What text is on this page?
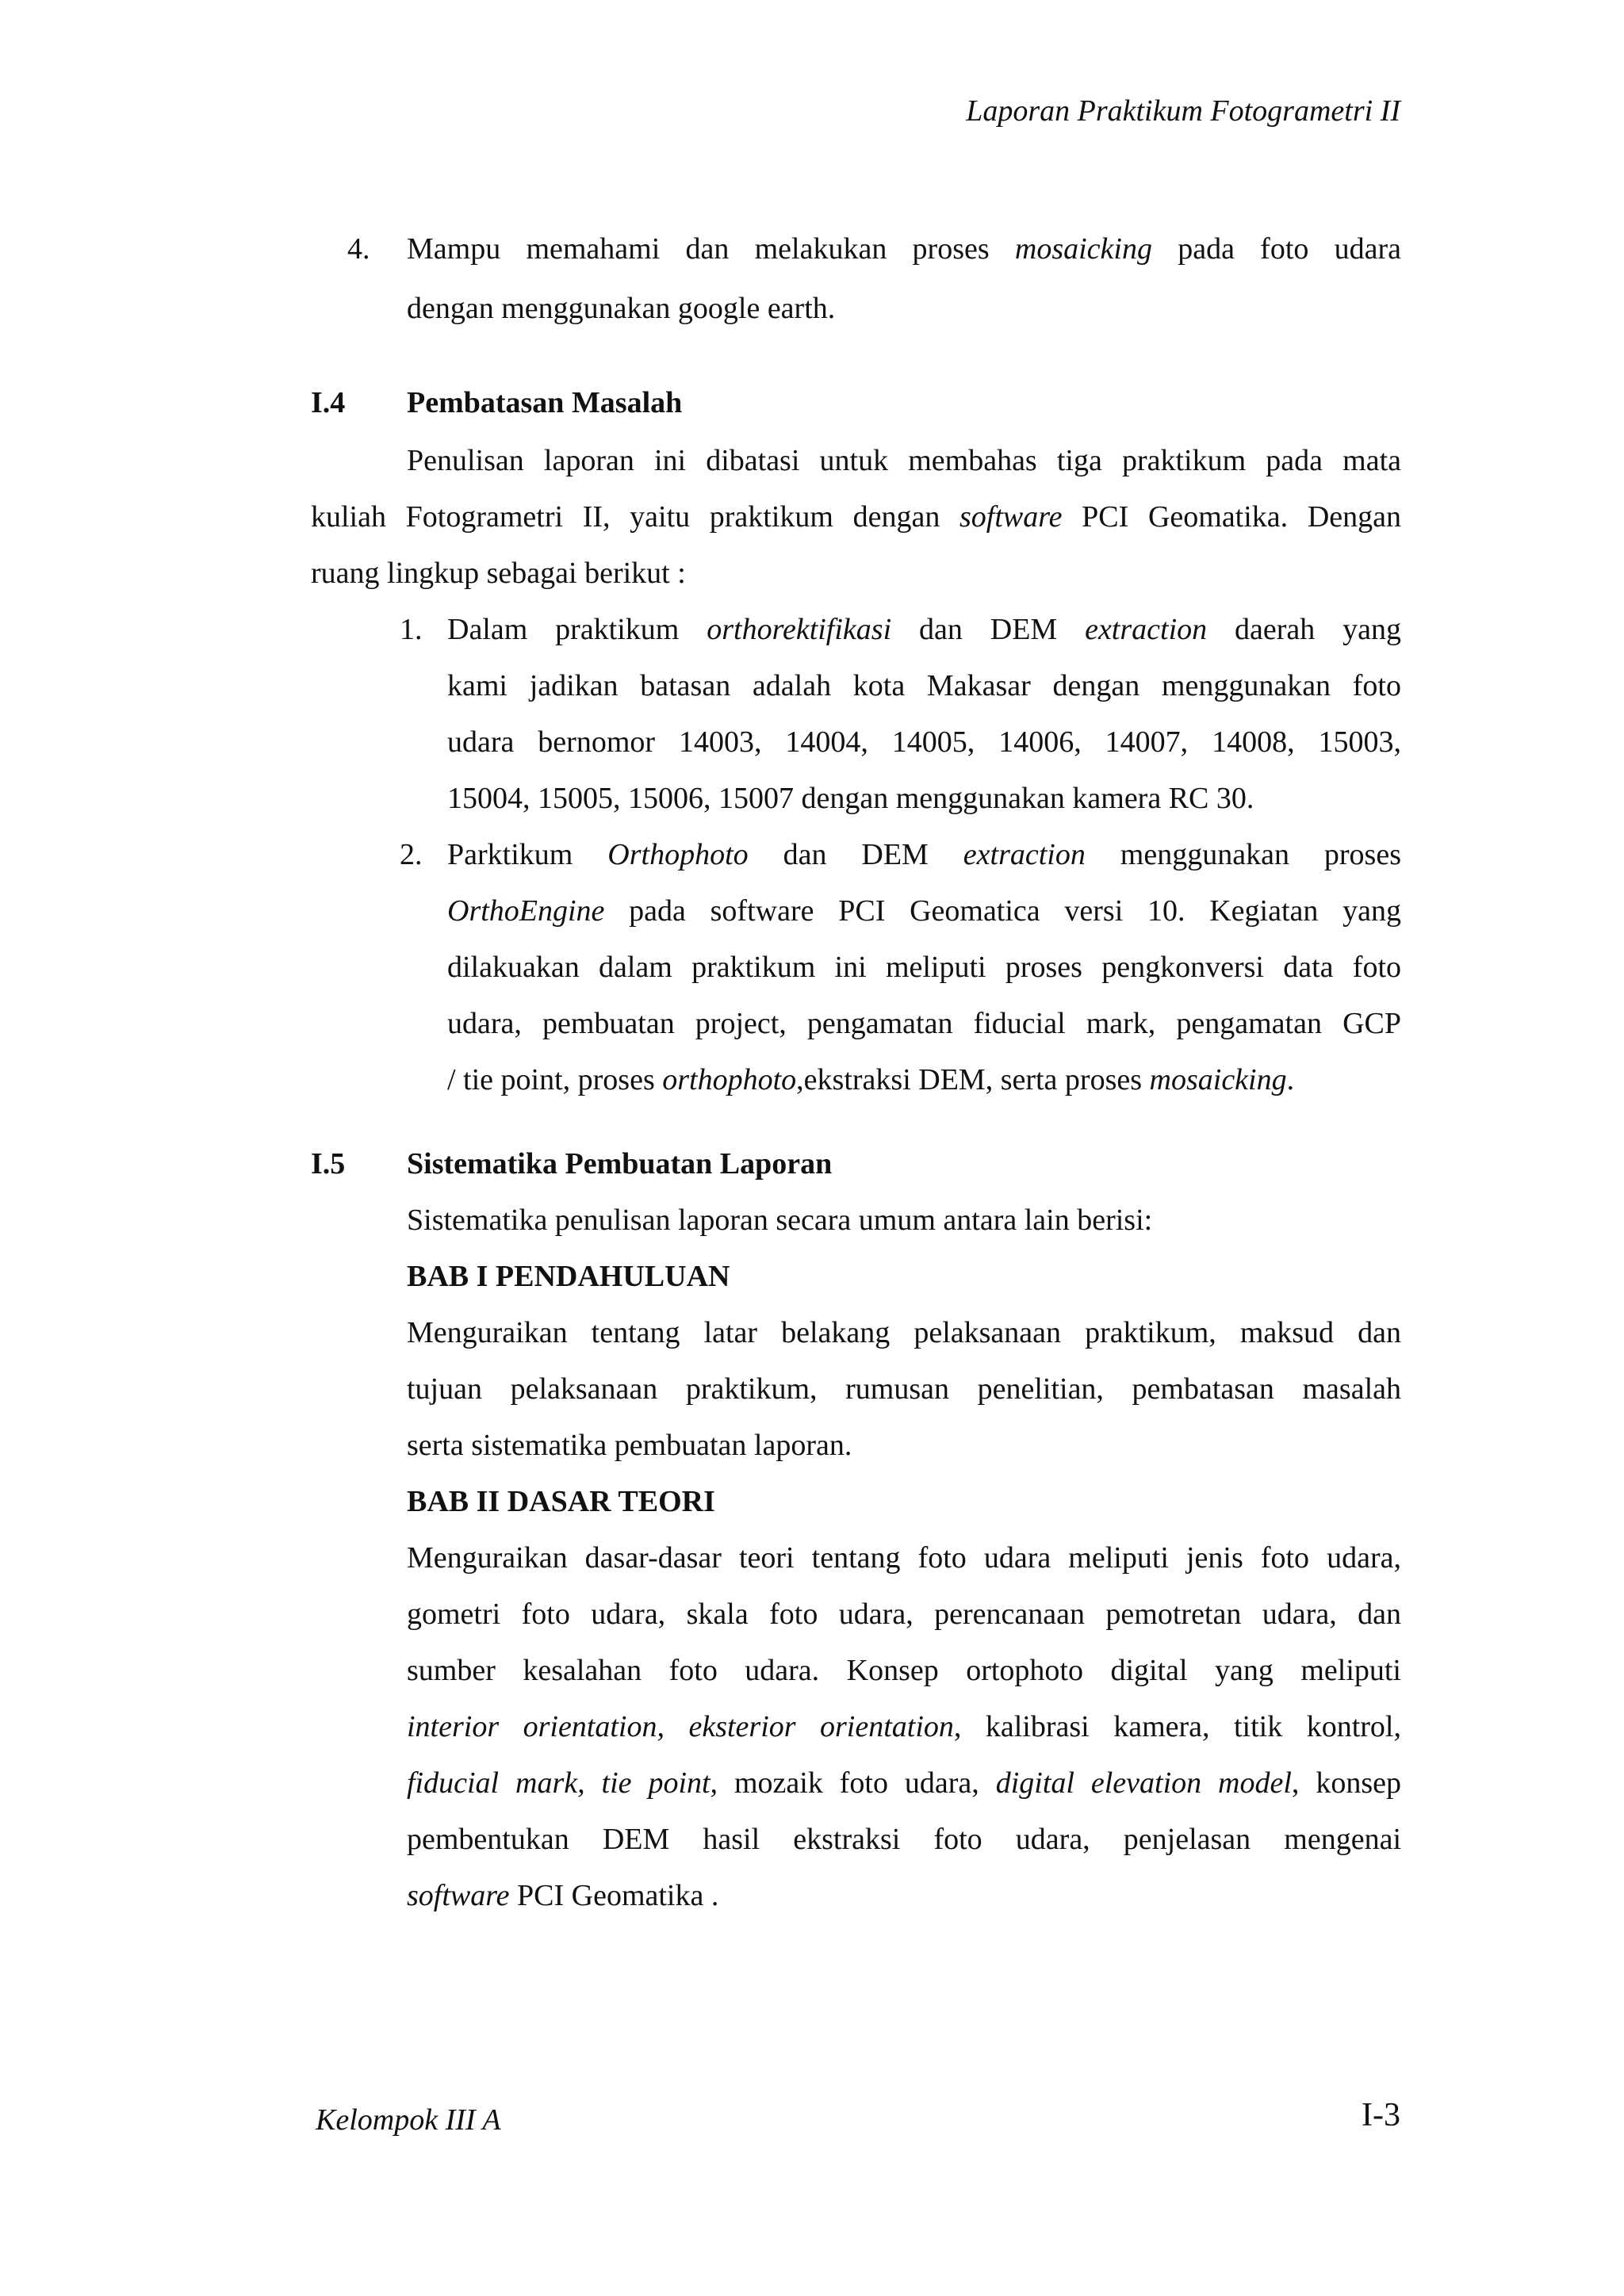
Laporan Praktikum Fotogrametri II
4. Mampu memahami dan melakukan proses mosaicking pada foto udara
dengan menggunakan google earth.
I.4 Pembatasan Masalah
Penulisan laporan ini dibatasi untuk membahas tiga praktikum pada mata
kuliah Fotogrametri II, yaitu praktikum dengan software PCI Geomatika. Dengan
ruang lingkup sebagai berikut :
1. Dalam praktikum orthorektifikasi dan DEM extraction daerah yang
kami jadikan batasan adalah kota Makasar dengan menggunakan foto
udara bernomor 14003, 14004, 14005, 14006, 14007, 14008, 15003,
15004, 15005, 15006, 15007 dengan menggunakan kamera RC 30.
2. Parktikum Orthophoto dan DEM extraction menggunakan proses
OrthoEngine pada software PCI Geomatica versi 10. Kegiatan yang
dilakuakan dalam praktikum ini meliputi proses pengkonversi data foto
udara, pembuatan project, pengamatan fiducial mark, pengamatan GCP
/ tie point, proses orthophoto,ekstraksi DEM, serta proses mosaicking.
I.5 Sistematika Pembuatan Laporan
Sistematika penulisan laporan secara umum antara lain berisi:
BAB I PENDAHULUAN
Menguraikan tentang latar belakang pelaksanaan praktikum, maksud dan
tujuan pelaksanaan praktikum, rumusan penelitian, pembatasan masalah
serta sistematika pembuatan laporan.
BAB II DASAR TEORI
Menguraikan dasar-dasar teori tentang foto udara meliputi jenis foto udara,
gometri foto udara, skala foto udara, perencanaan pemotretan udara, dan
sumber kesalahan foto udara. Konsep ortophoto digital yang meliputi
interior orientation, eksterior orientation, kalibrasi kamera, titik kontrol,
fiducial mark, tie point, mozaik foto udara, digital elevation model, konsep
pembentukan DEM hasil ekstraksi foto udara, penjelasan mengenai
software PCI Geomatika .
Kelompok III A	I-3
